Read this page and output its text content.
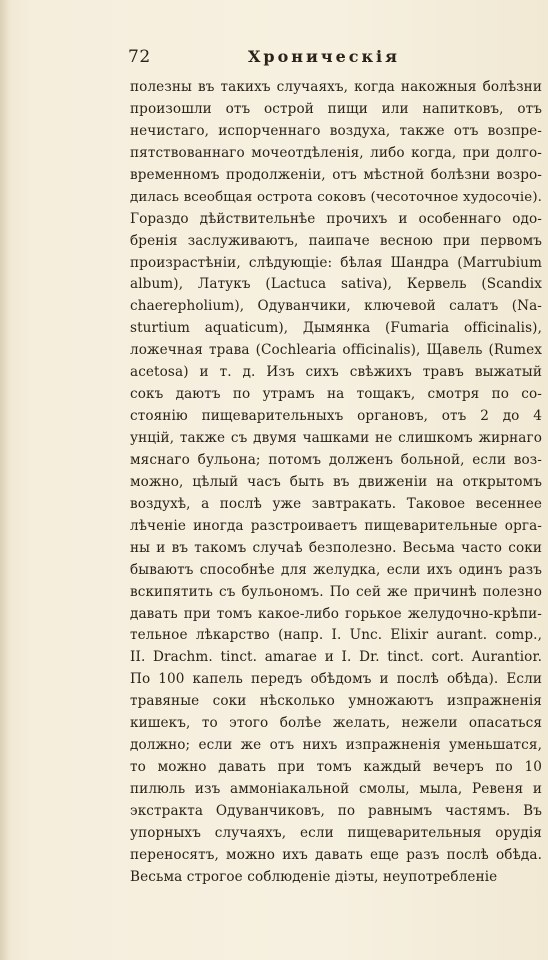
72	Хроническiя
полезны въ такихъ случаяхъ, когда накожныя болѣзни
произошли отъ острой пищи или напитковъ, отъ
нечистаго, испорченнаго воздуха, также отъ возпре-
пятствованнаго мочеотдѣленiя, либо когда, при долго-
временномъ продолженiи, отъ мѣстной болѣзни возро-
дилась всеобщая острота соковъ (чесоточное худосочiе).
Гораздо дѣйствительнѣе прочихъ и особеннаго одо-
бренiя заслуживаютъ, паипаче весною при первомъ
произрастѣнiи, слѣдующiе: бѣлая Шандра (Marrubium
album), Латукъ (Lactuca sativa), Кервель (Scandix
chaerepholium), Одуванчики, ключевой салатъ (Na-
sturtium aquaticum), Дымянка (Fumaria officinalis),
ложечная трава (Cochlearia officinalis), Щавель (Rumex
acetosa) и т. д. Изъ сихъ свѣжихъ травъ выжатый
сокъ даютъ по утрамъ на тощакъ, смотря по со-
стоянiю пищеварительныхъ органовъ, отъ 2 до 4
унцiй, также съ двумя чашками не слишкомъ жирнаго
мяснаго бульона; потомъ долженъ больной, если воз-
можно, цѣлый часъ быть въ движенiи на открытомъ
воздухѣ, а послѣ уже завтракать. Таковое весеннее
лѣченiе иногда разстроиваетъ пищеварительные орга-
ны и въ такомъ случаѣ безполезно. Весьма часто соки
бываютъ способнѣе для желудка, если ихъ одинъ разъ
вскипятить съ бульономъ. По сей же причинѣ полезно
давать при томъ какое-либо горькое желудочно-крѣпи-
тельное лѣкарство (напр. I. Unc. Elixir aurant. comp.,
II. Drachm. tinct. amarae и I. Dr. tinct. cort. Aurantior.
По 100 капель передъ обѣдомъ и послѣ обѣда). Если
травяные соки нѣсколько умножаютъ изпражненiя
кишекъ, то этого болѣе желать, нежели опасаться
должно; если же отъ нихъ изпражненiя уменьшатся,
то можно давать при томъ каждый вечеръ по 10
пилюль изъ аммонiакальной смолы, мыла, Ревеня и
экстракта Одуванчиковъ, по равнымъ частямъ. Въ
упорныхъ случаяхъ, если пищеварительныя орудiя
переносятъ, можно ихъ давать еще разъ послѣ обѣда.
Весьма строгое соблюденiе дiэты, неупотребленiе
